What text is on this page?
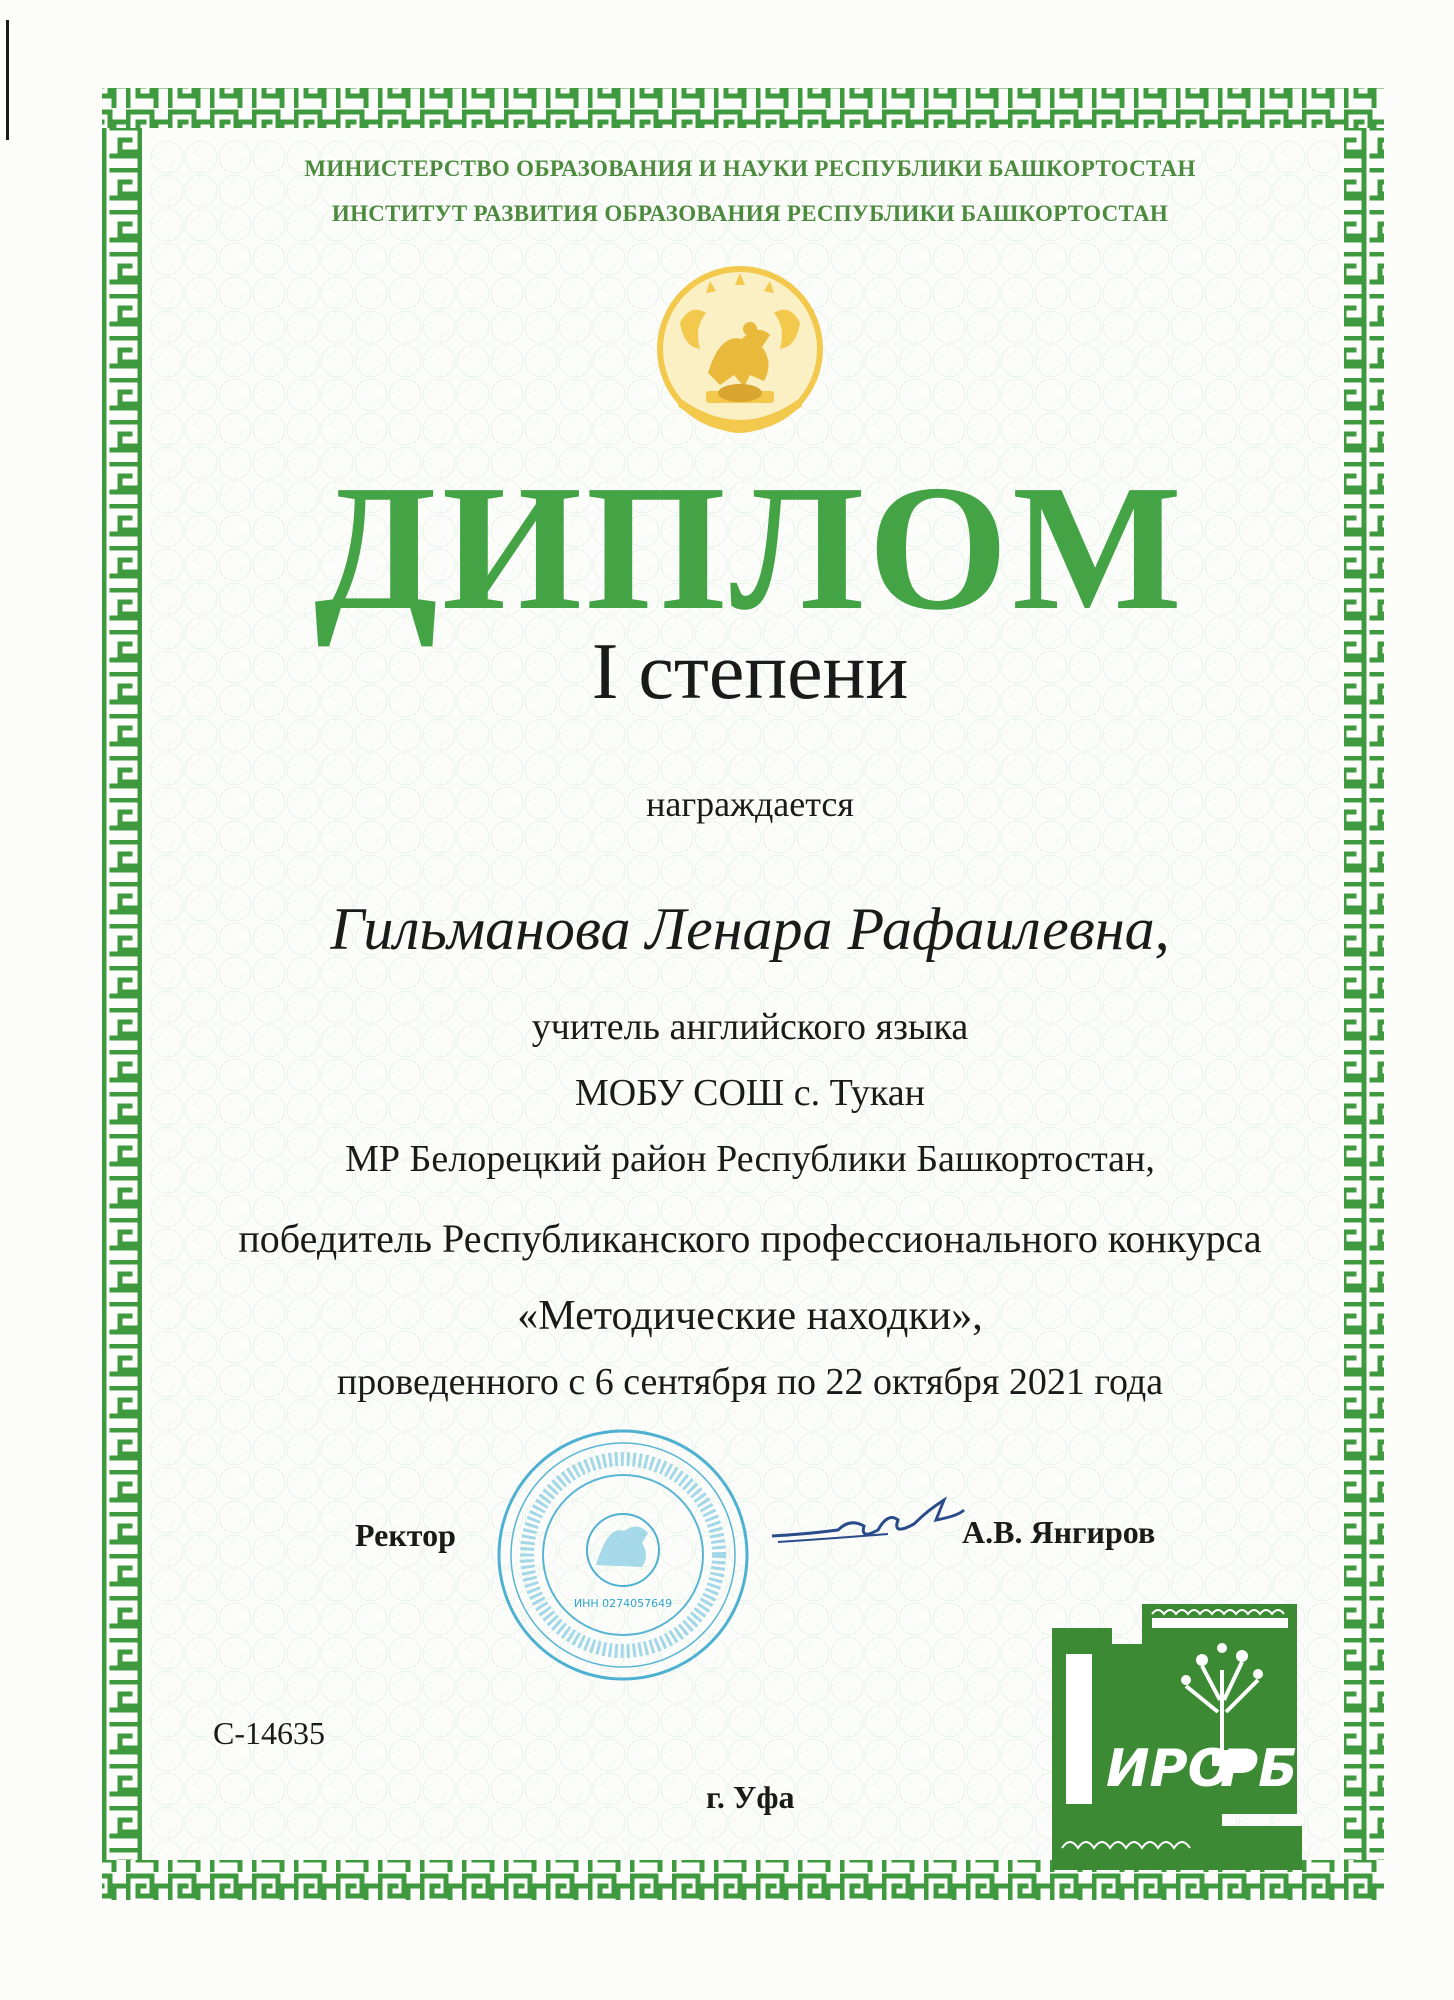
МИНИСТЕРСТВО ОБРАЗОВАНИЯ И НАУКИ РЕСПУБЛИКИ БАШКОРТОСТАН
ИНСТИТУТ РАЗВИТИЯ ОБРАЗОВАНИЯ РЕСПУБЛИКИ БАШКОРТОСТАН
ДИПЛОМ
I степени
награждается
Гильманова Ленара Рафаилевна,
учитель английского языка
МОБУ СОШ с. Тукан
МР Белорецкий район Республики Башкортостан,
победитель Республиканского профессионального конкурса
«Методические находки»,
проведенного с 6 сентября по 22 октября 2021 года
ИНН 0274057649
Ректор	А.В. Янгиров
С-14635
г. Уфа	ИРО
РБ
